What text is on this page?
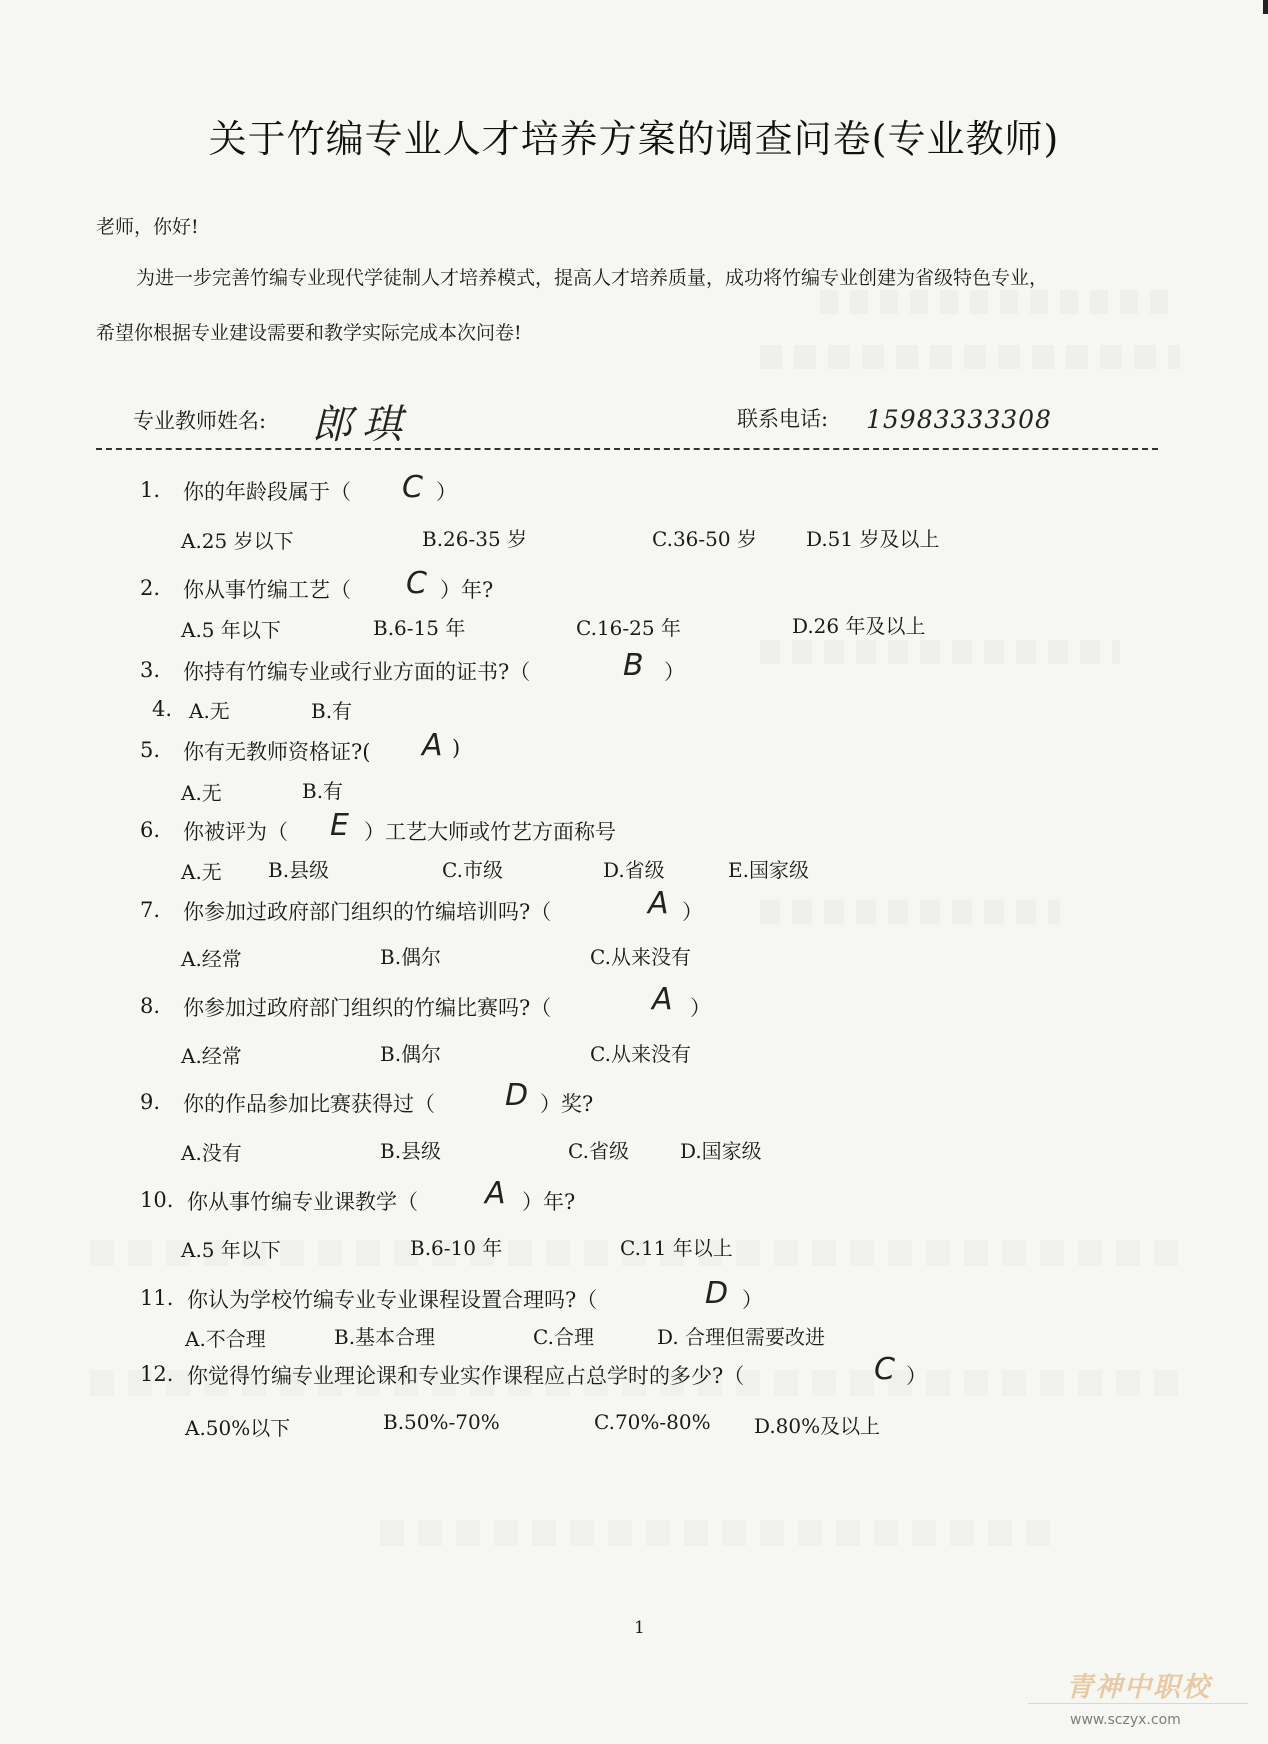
关于竹编专业人才培养方案的调查问卷(专业教师)
老师，你好!
为进一步完善竹编专业现代学徒制人才培养模式，提高人才培养质量，成功将竹编专业创建为省级特色专业，
希望你根据专业建设需要和教学实际完成本次问卷!
专业教师姓名: 郎琪	联系电话: 15983333308
1. 你的年龄段属于（ C ）
A.25 岁以下	B.26-35 岁	C.36-50 岁 D.51 岁及以上
2. 你从事竹编工艺（ C ）年?
A.5 年以下	B.6-15 年	C.16-25 年	D.26 年及以上
3. 你持有竹编专业或行业方面的证书?（	B ）
4. A.无	B.有
5. 你有无教师资格证?( A )
A.无	B.有
6. 你被评为（ E ）工艺大师或竹艺方面称号
A.无 B.县级	C.市级	D.省级	E.国家级
7. 你参加过政府部门组织的竹编培训吗?（	A ）
A.经常	B.偶尔	C.从来没有
8. 你参加过政府部门组织的竹编比赛吗?（	A ）
A.经常	B.偶尔	C.从来没有
9. 你的作品参加比赛获得过（ D ）奖?
A.没有	B.县级	C.省级	D.国家级
10. 你从事竹编专业课教学（ A ）年?
A.5 年以下	B.6-10 年	C.11 年以上
11. 你认为学校竹编专业专业课程设置合理吗?（	D ）
A.不合理	B.基本合理	C.合理	D. 合理但需要改进
12. 你觉得竹编专业理论课和专业实作课程应占总学时的多少?（	C ）
A.50%以下	B.50%-70%	C.70%-80% D.80%及以上
1
青神中职校
www.sczyx.com
